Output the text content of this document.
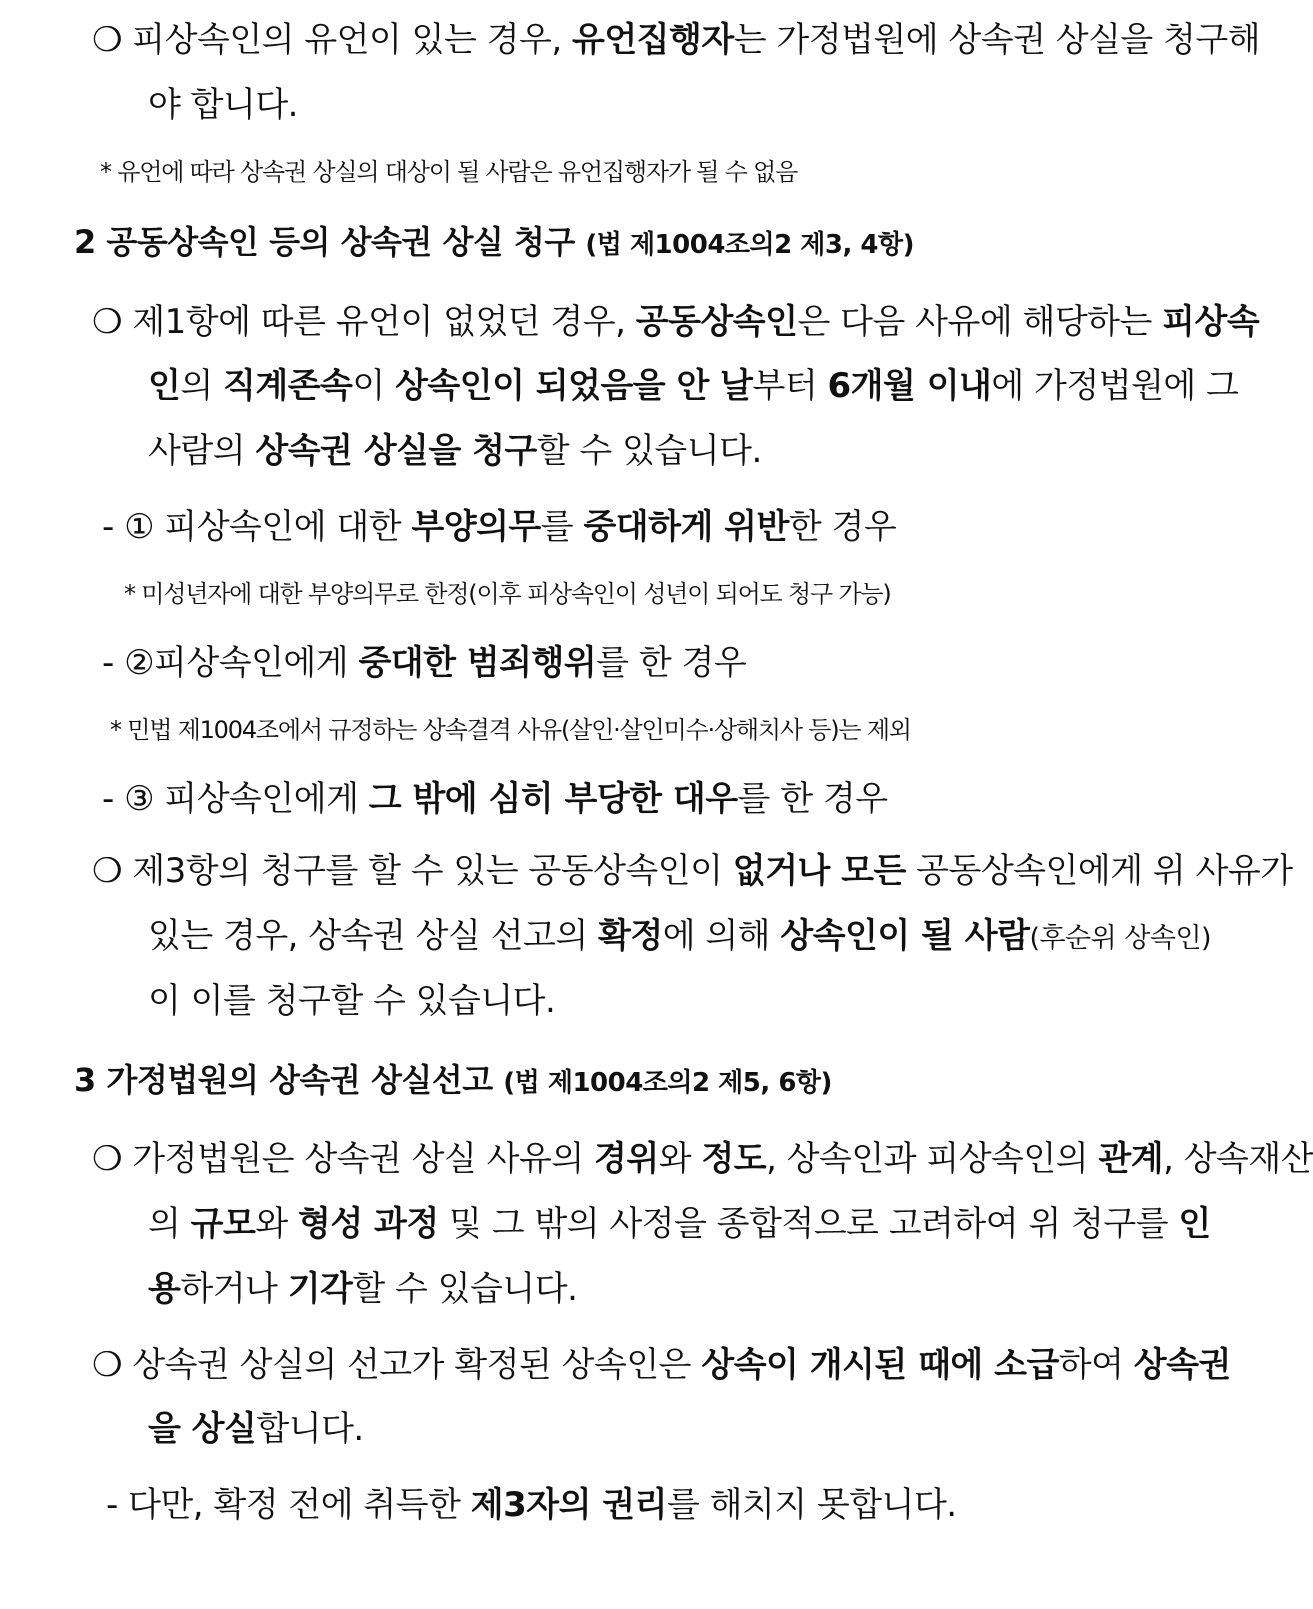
❍ 피상속인의 유언이 있는 경우, 유언집행자는 가정법원에 상속권 상실을 청구해
야 합니다.
* 유언에 따라 상속권 상실의 대상이 될 사람은 유언집행자가 될 수 없음
2 공동상속인 등의 상속권 상실 청구 (법 제1004조의2 제3, 4항)
❍ 제1항에 따른 유언이 없었던 경우, 공동상속인은 다음 사유에 해당하는 피상속
인의 직계존속이 상속인이 되었음을 안 날부터 6개월 이내에 가정법원에 그
사람의 상속권 상실을 청구할 수 있습니다.
- ① 피상속인에 대한 부양의무를 중대하게 위반한 경우
* 미성년자에 대한 부양의무로 한정(이후 피상속인이 성년이 되어도 청구 가능)
- ②피상속인에게 중대한 범죄행위를 한 경우
* 민법 제1004조에서 규정하는 상속결격 사유(살인·살인미수·상해치사 등)는 제외
- ③ 피상속인에게 그 밖에 심히 부당한 대우를 한 경우
❍ 제3항의 청구를 할 수 있는 공동상속인이 없거나 모든 공동상속인에게 위 사유가
있는 경우, 상속권 상실 선고의 확정에 의해 상속인이 될 사람(후순위 상속인)
이 이를 청구할 수 있습니다.
3 가정법원의 상속권 상실선고 (법 제1004조의2 제5, 6항)
❍ 가정법원은 상속권 상실 사유의 경위와 정도, 상속인과 피상속인의 관계, 상속재산
의 규모와 형성 과정 및 그 밖의 사정을 종합적으로 고려하여 위 청구를 인
용하거나 기각할 수 있습니다.
❍ 상속권 상실의 선고가 확정된 상속인은 상속이 개시된 때에 소급하여 상속권
을 상실합니다.
- 다만, 확정 전에 취득한 제3자의 권리를 해치지 못합니다.
